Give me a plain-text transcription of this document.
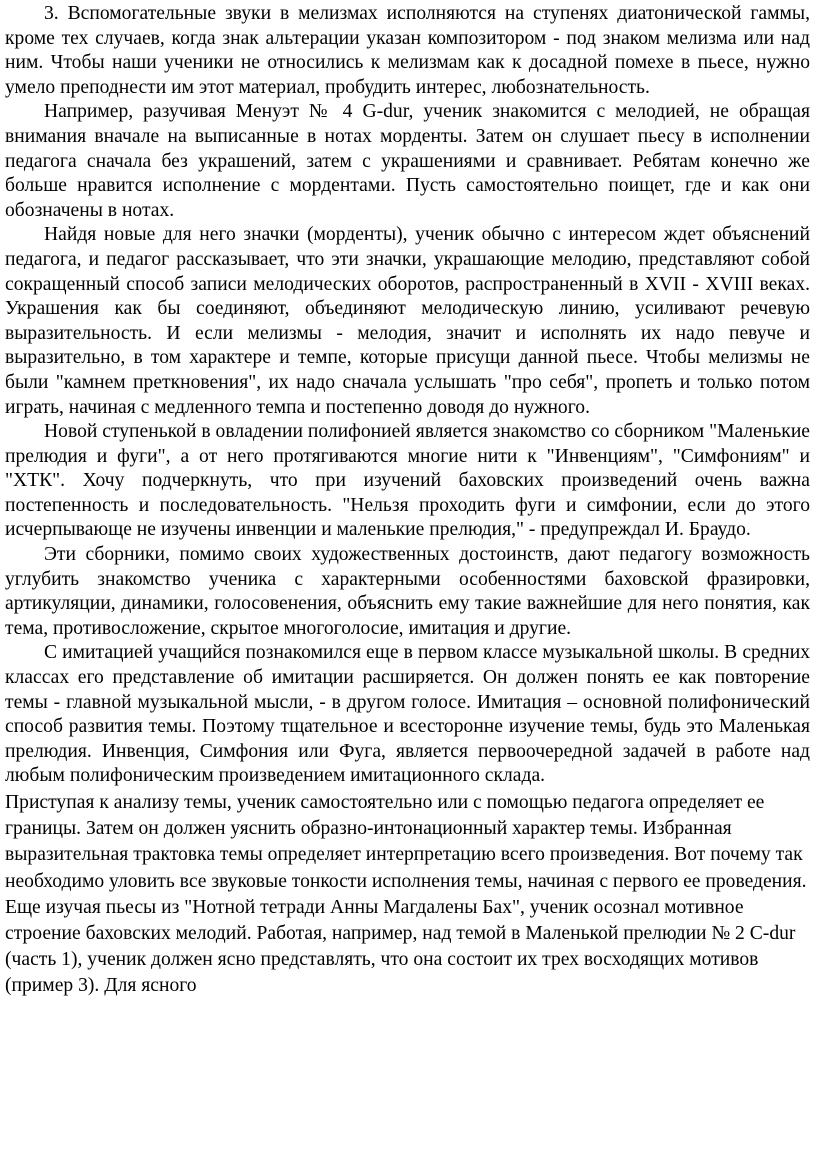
3. Вспомогательные звуки в мелизмах исполняются на ступенях диатонической гаммы, кроме тех случаев, когда знак альтерации указан композитором - под знаком мелизма или над ним. Чтобы наши ученики не относились к мелизмам как к досадной помехе в пьесе, нужно умело преподнести им этот материал, пробудить интерес, любознательность.

Например, разучивая Менуэт № 4 G-dur, ученик знакомится с мелодией, не обращая внимания вначале на выписанные в нотах морденты. Затем он слушает пьесу в исполнении педагога сначала без украшений, затем с украшениями и сравнивает. Ребятам конечно же больше нравится исполнение с мордентами. Пусть самостоятельно поищет, где и как они обозначены в нотах.

Найдя новые для него значки (морденты), ученик обычно с интересом ждет объяснений педагога, и педагог рассказывает, что эти значки, украшающие мелодию, представляют собой сокращенный способ записи мелодических оборотов, распространенный в XVII - XVIII веках. Украшения как бы соединяют, объединяют мелодическую линию, усиливают речевую выразительность. И если мелизмы - мелодия, значит и исполнять их надо певуче и выразительно, в том характере и темпе, которые присущи данной пьесе. Чтобы мелизмы не были "камнем преткновения", их надо сначала услышать "про себя", пропеть и только потом играть, начиная с медленного темпа и постепенно доводя до нужного.

Новой ступенькой в овладении полифонией является знакомство со сборником "Маленькие прелюдия и фуги", а от него протягиваются многие нити к "Инвенциям", "Симфониям" и "ХТК". Хочу подчеркнуть, что при изучений баховских произведений очень важна постепенность и последовательность. "Нельзя проходить фуги и симфонии, если до этого исчерпывающе не изучены инвенции и маленькие прелюдия," - предупреждал И. Браудо.

Эти сборники, помимо своих художественных достоинств, дают педагогу возможность углубить знакомство ученика с характерными особенностями баховской фразировки, артикуляции, динамики, голосовенения, объяснить ему такие важнейшие для него понятия, как тема, противосложение, скрытое многоголосие, имитация и другие.

С имитацией учащийся познакомился еще в первом классе музыкальной школы. В средних классах его представление об имитации расширяется. Он должен понять ее как повторение темы - главной музыкальной мысли, - в другом голосе. Имитация – основной полифонический способ развития темы. Поэтому тщательное и всесторонне изучение темы, будь это Маленькая прелюдия. Инвенция, Симфония или Фуга, является первоочередной задачей в работе над любым полифоническим произведением имитационного склада.

Приступая к анализу темы, ученик самостоятельно или с помощью педагога определяет ее границы. Затем он должен уяснить образно-интонационный характер темы. Избранная выразительная трактовка темы определяет интерпретацию всего произведения. Вот почему так необходимо уловить все звуковые тонкости исполнения темы, начиная с первого ее проведения. Еще изучая пьесы из "Нотной тетради Анны Магдалены Бах", ученик осознал мотивное строение баховских мелодий. Работая, например, над темой в Маленькой прелюдии № 2 C-dur (часть 1), ученик должен ясно представлять, что она состоит их трех восходящих мотивов (пример 3). Для ясного
